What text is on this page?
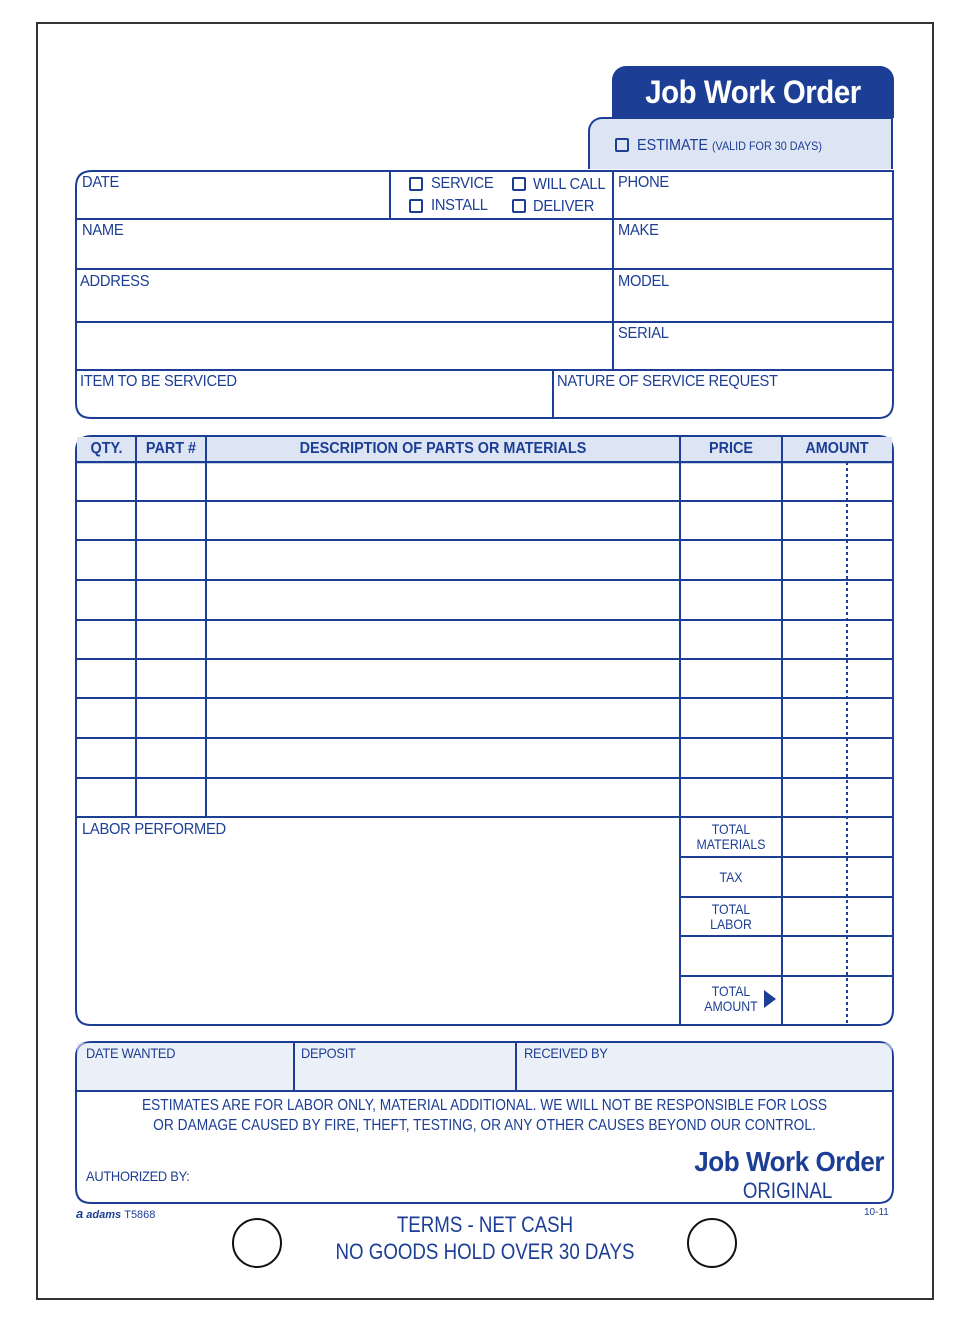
Job Work Order
ESTIMATE (VALID FOR 30 DAYS)
DATE	SERVICE
INSTALL
WILL CALL
DELIVER
PHONE
NAME	MAKE
ADDRESS	MODEL
SERIAL
ITEM TO BE SERVICED	NATURE OF SERVICE REQUEST
QTY.	PART #	DESCRIPTION OF PARTS OR MATERIALS	PRICE	AMOUNT
LABOR PERFORMED	TOTAL MATERIALS
TAX
TOTAL LABOR
TOTAL AMOUNT
DATE WANTED	DEPOSIT	RECEIVED BY
ESTIMATES ARE FOR LABOR ONLY, MATERIAL ADDITIONAL. WE WILL NOT BE RESPONSIBLE FOR LOSS
OR DAMAGE CAUSED BY FIRE, THEFT, TESTING, OR ANY OTHER CAUSES BEYOND OUR CONTROL.
AUTHORIZED BY:	Job Work Order
ORIGINAL
a adams T5868	10-11
TERMS - NET CASH
NO GOODS HOLD OVER 30 DAYS
